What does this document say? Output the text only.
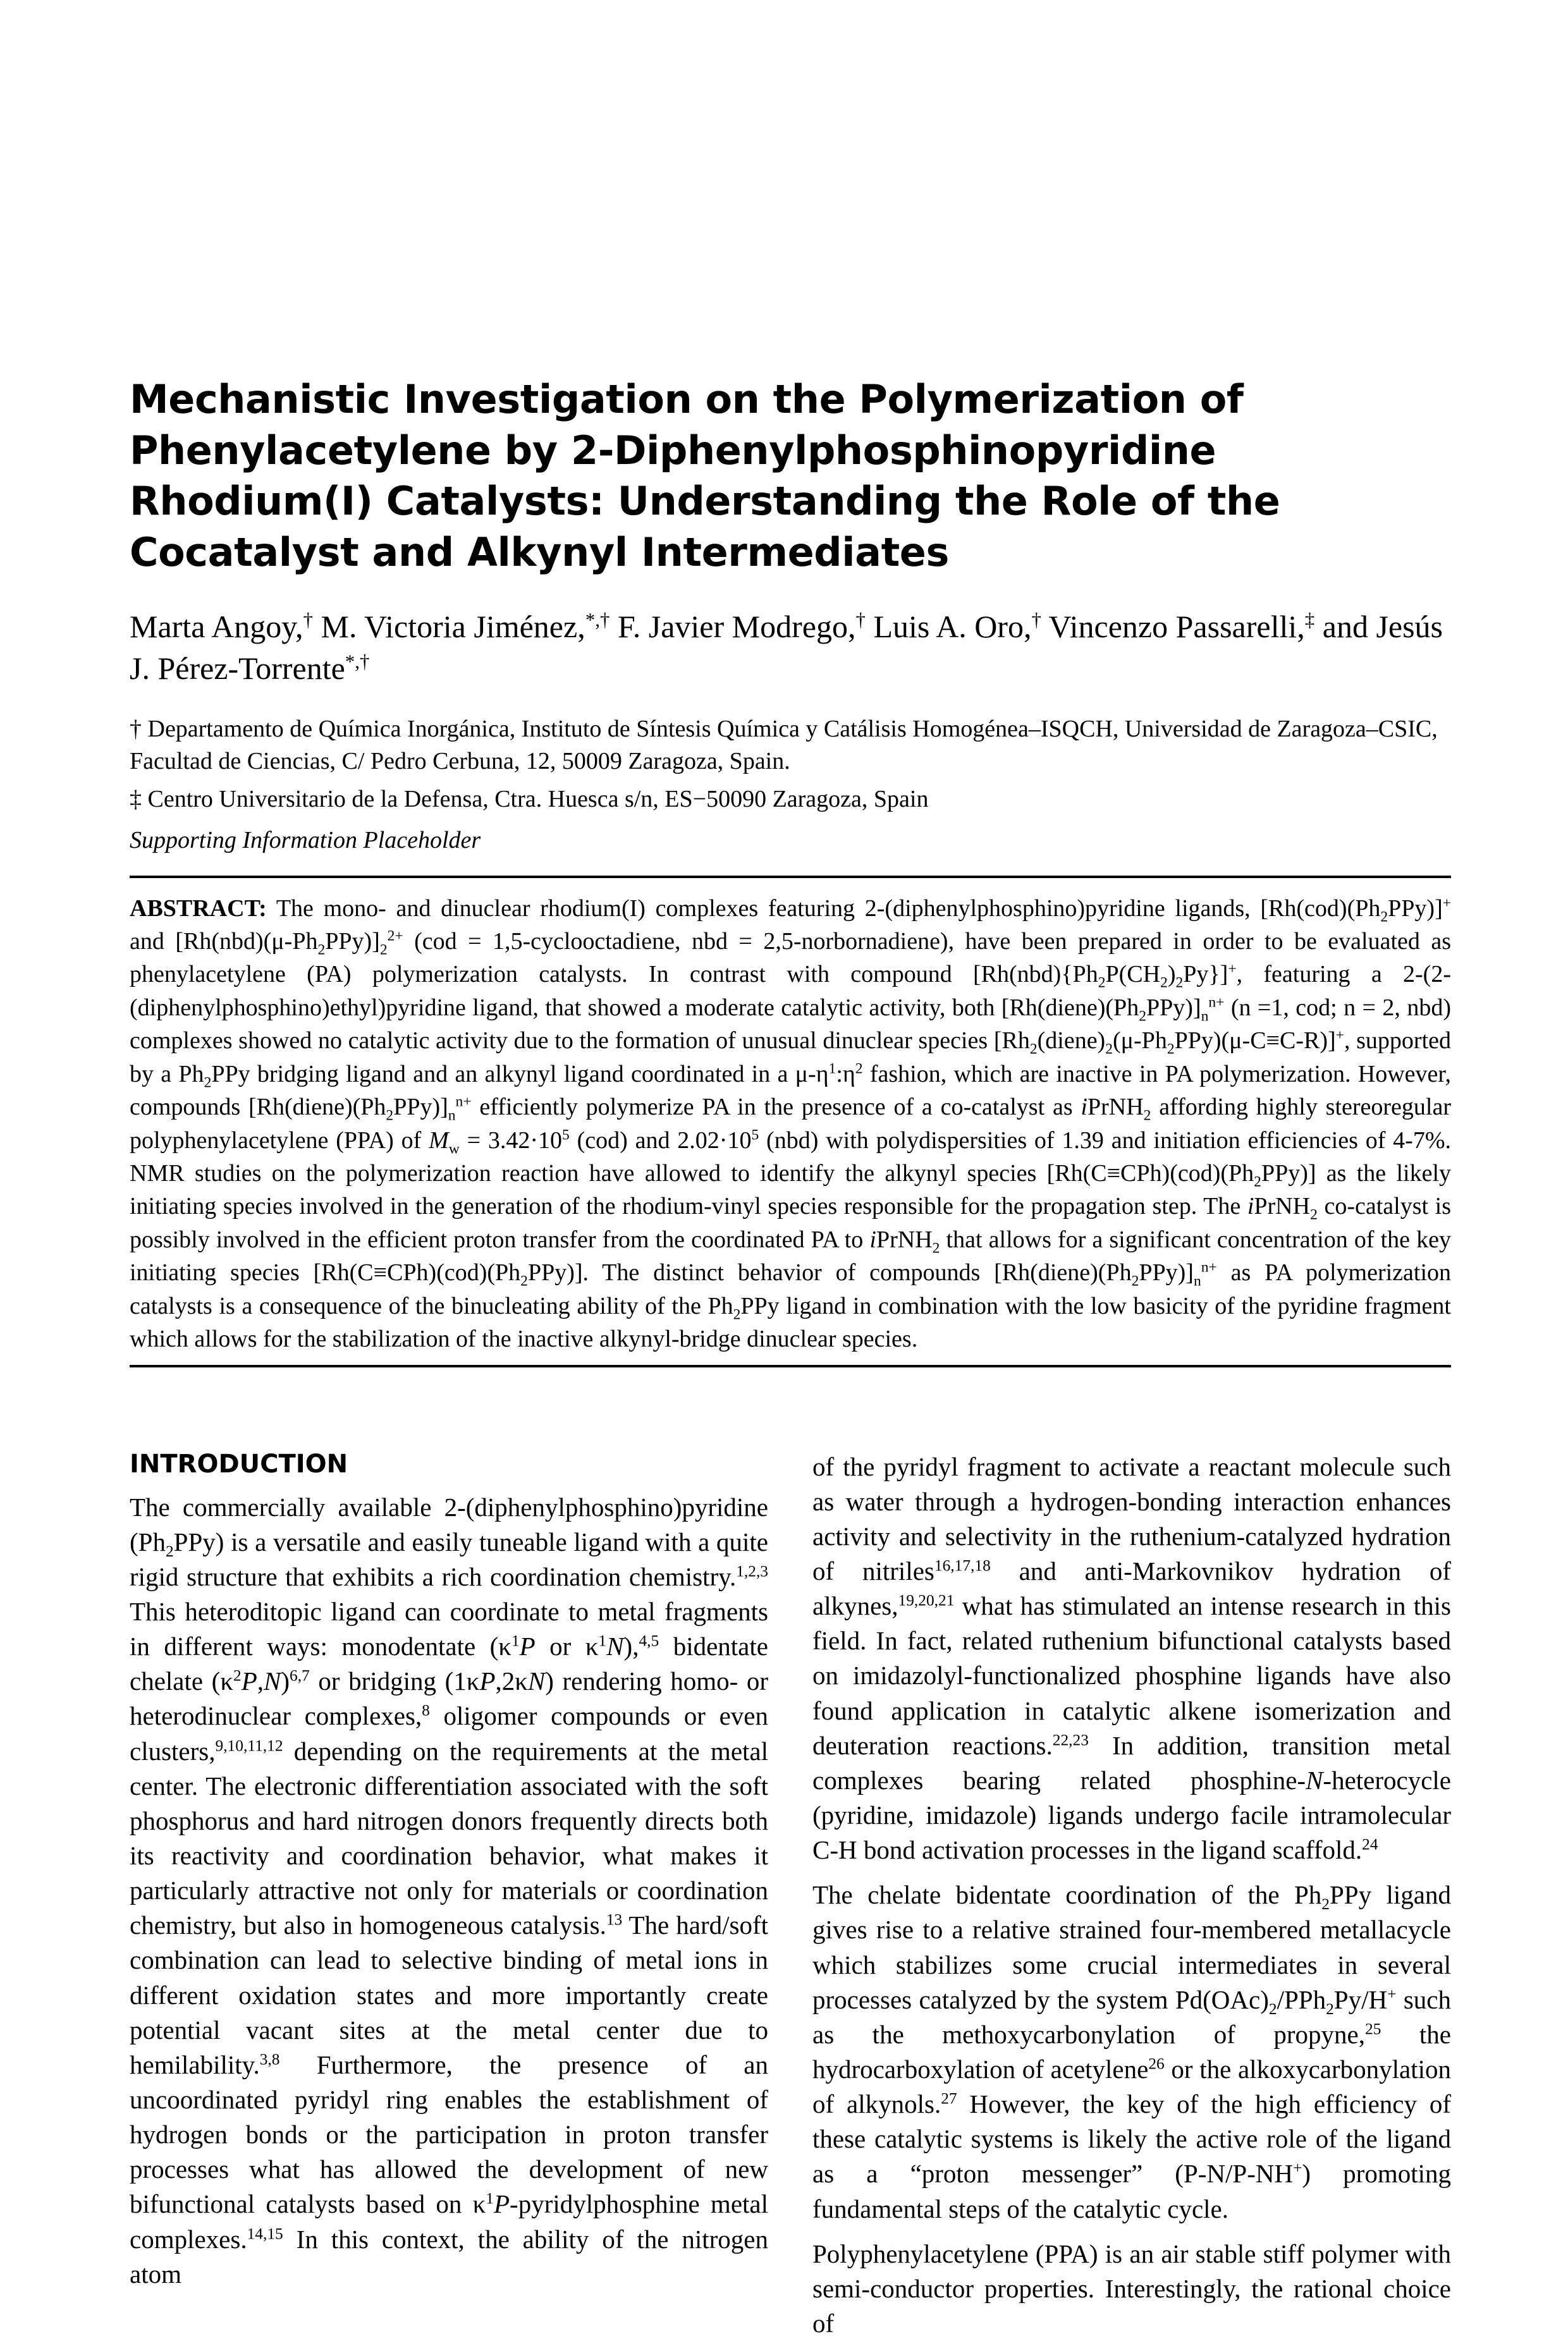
Mechanistic Investigation on the Polymerization of Phenylacetylene by 2-Diphenylphosphinopyridine Rhodium(I) Catalysts: Understanding the Role of the Cocatalyst and Alkynyl Intermediates
Marta Angoy,† M. Victoria Jiménez,*,† F. Javier Modrego,† Luis A. Oro,† Vincenzo Passarelli,‡ and Jesús J. Pérez-Torrente*,†

† Departamento de Química Inorgánica, Instituto de Síntesis Química y Catálisis Homogénea–ISQCH, Universidad de Zaragoza–CSIC, Facultad de Ciencias, C/ Pedro Cerbuna, 12, 50009 Zaragoza, Spain.

‡ Centro Universitario de la Defensa, Ctra. Huesca s/n, ES−50090 Zaragoza, Spain

Supporting Information Placeholder

ABSTRACT: The mono- and dinuclear rhodium(I) complexes featuring 2-(diphenylphosphino)pyridine ligands, $[Rh(cod)(Ph_2PPy)]^+$ and $[Rh(nbd)(\mu-Ph_2PPy)]_2^{2+}$ (cod = 1,5-cyclooctadiene, nbd = 2,5-norbornadiene), have been prepared in order to be evaluated as phenylacetylene (PA) polymerization catalysts. In contrast with compound $[Rh(nbd)\{Ph_2P(CH_2)_2Py\}]^+$, featuring a 2-(2-(diphenylphosphino)ethyl)pyridine ligand, that showed a moderate catalytic activity, both $[Rh(diene)(Ph_2PPy)]_n^{n+}$ (n =1, cod; n = 2, nbd) complexes showed no catalytic activity due to the formation of unusual dinuclear species $[Rh_2(diene)_2(\mu-Ph_2PPy)(\mu-C\equiv C-R)]^+$, supported by a $Ph_2PPy$ bridging ligand and an alkynyl ligand coordinated in a $\mu-\eta^1:\eta^2$ fashion, which are inactive in PA polymerization. However, compounds $[Rh(diene)(Ph_2PPy)]_n^{n+}$ efficiently polymerize PA in the presence of a co-catalyst as iPrNH$_2$ affording highly stereoregular polyphenylacetylene (PPA) of $M_w = 3.42\cdot 10^5$ (cod) and $2.02\cdot 10^5$ (nbd) with polydispersities of 1.39 and initiation efficiencies of 4-7%. NMR studies on the polymerization reaction have allowed to identify the alkynyl species $[Rh(C\equiv CPh)(cod)(Ph_2PPy)]$ as the likely initiating species involved in the generation of the rhodium-vinyl species responsible for the propagation step. The iPrNH$_2$ co-catalyst is possibly involved in the efficient proton transfer from the coordinated PA to iPrNH$_2$ that allows for a significant concentration of the key initiating species $[Rh(C\equiv CPh)(cod)(Ph_2PPy)]$. The distinct behavior of compounds $[Rh(diene)(Ph_2PPy)]_n^{n+}$ as PA polymerization catalysts is a consequence of the binucleating ability of the $Ph_2PPy$ ligand in combination with the low basicity of the pyridine fragment which allows for the stabilization of the inactive alkynyl-bridge dinuclear species.

INTRODUCTION

The commercially available 2-(diphenylphosphino)pyridine $(Ph_2PPy)$ is a versatile and easily tuneable ligand with a quite rigid structure that exhibits a rich coordination chemistry.$^{1,2,3}$ This heteroditopic ligand can coordinate to metal fragments in different ways: monodentate ($\kappa^1P$ or $\kappa^1N),^{4,5}$ bidentate chelate $(\kappa^2P,N)^{6,7}$ or bridging (1κP,2κN) rendering homo- or heterodinuclear complexes,$^8$ oligomer compounds or even clusters,$^{9,10,11,12}$ depending on the requirements at the metal center. The electronic differentiation associated with the soft phosphorus and hard nitrogen donors frequently directs both its reactivity and coordination behavior, what makes it particularly attractive not only for materials or coordination chemistry, but also in homogeneous catalysis.$^{13}$ The hard/soft combination can lead to selective binding of metal ions in different oxidation states and more importantly create potential vacant sites at the metal center due to hemilability.$^{3,8}$ Furthermore, the presence of an uncoordinated pyridyl ring enables the establishment of hydrogen bonds or the participation in proton transfer processes what has allowed the development of new bifunctional catalysts based on $\kappa^1P$-pyridylphosphine metal complexes.$^{14,15}$ In this context, the ability of the nitrogen atom

of the pyridyl fragment to activate a reactant molecule such as water through a hydrogen-bonding interaction enhances activity and selectivity in the ruthenium-catalyzed hydration of nitriles$^{16,17,18}$ and anti-Markovnikov hydration of alkynes,$^{19,20,21}$ what has stimulated an intense research in this field. In fact, related ruthenium bifunctional catalysts based on imidazolyl-functionalized phosphine ligands have also found application in catalytic alkene isomerization and deuteration reactions.$^{22,23}$ In addition, transition metal complexes bearing related phosphine-N-heterocycle (pyridine, imidazole) ligands undergo facile intramolecular C-H bond activation processes in the ligand scaffold.$^{24}$

The chelate bidentate coordination of the $Ph_2PPy$ ligand gives rise to a relative strained four-membered metallacycle which stabilizes some crucial intermediates in several processes catalyzed by the system $Pd(OAc)_2/PPh_2Py/H^+$ such as the methoxycarbonylation of propyne,$^{25}$ the hydrocarboxylation of acetylene$^{26}$ or the alkoxycarbonylation of alkynols.$^{27}$ However, the key of the high efficiency of these catalytic systems is likely the active role of the ligand as a “proton messenger” (P-N/P-NH+) promoting fundamental steps of the catalytic cycle.

Polyphenylacetylene (PPA) is an air stable stiff polymer with semi-conductor properties. Interestingly, the rational choice of
